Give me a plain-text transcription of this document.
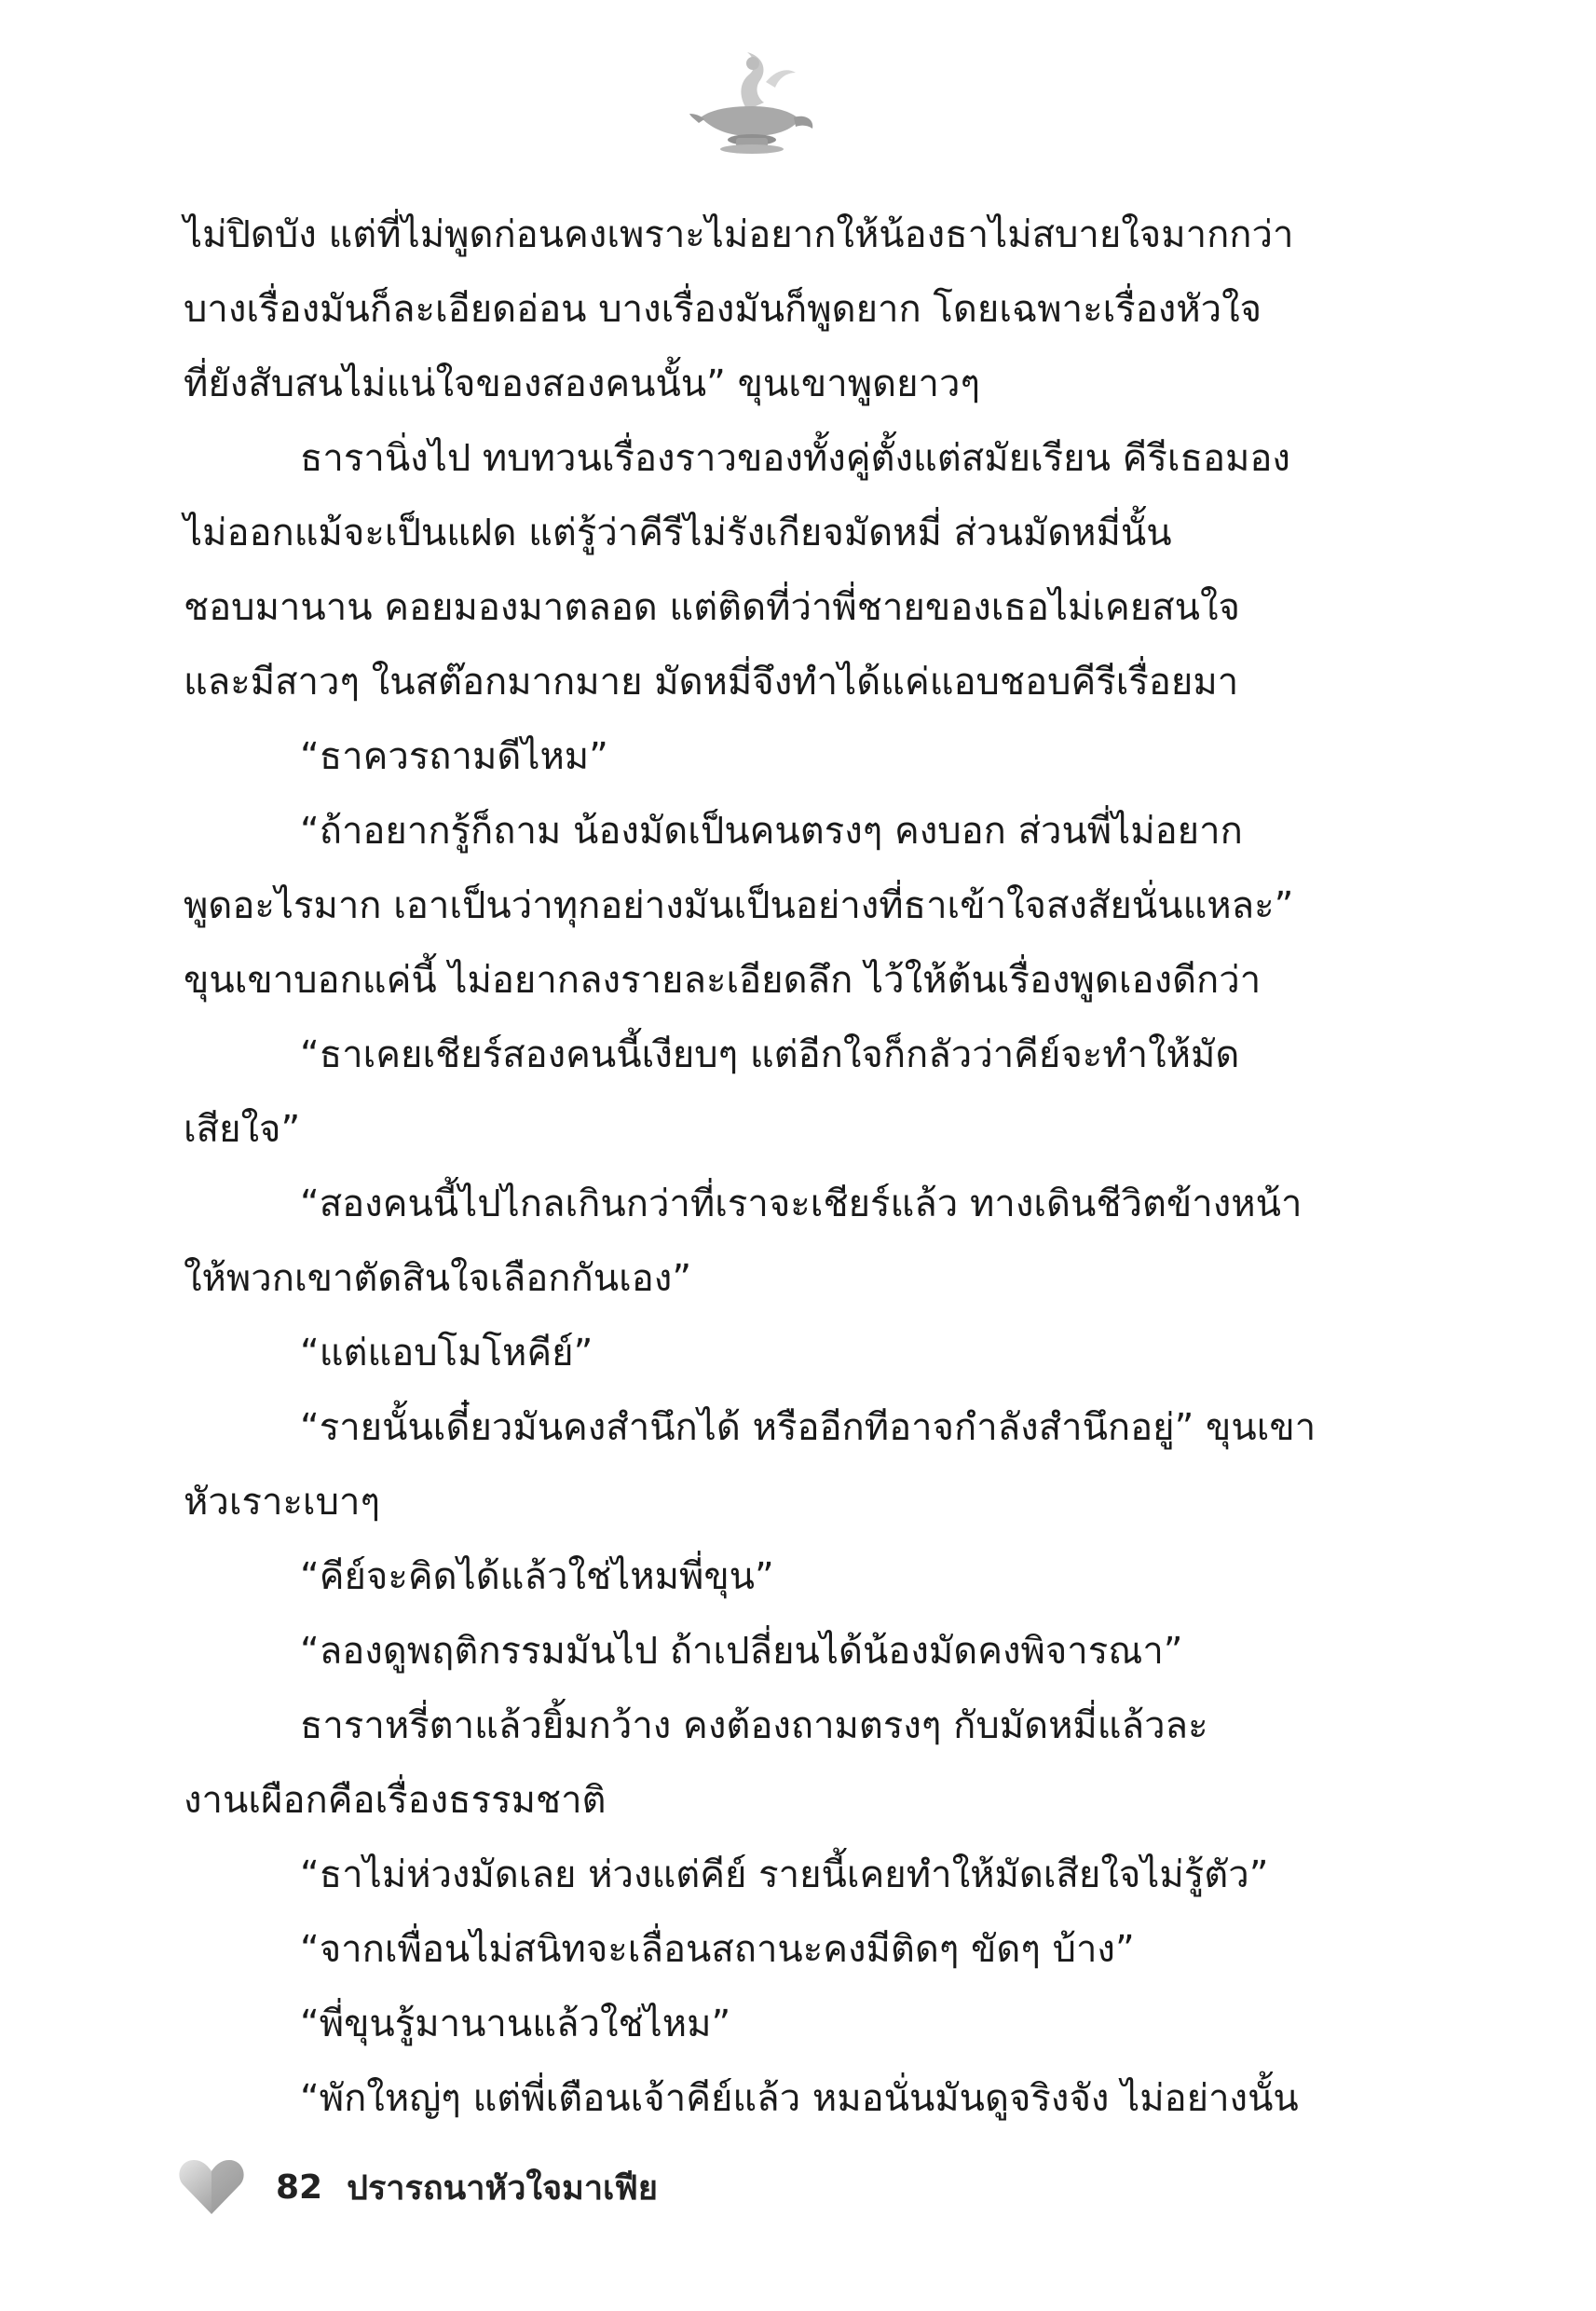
ไม่ปิดบัง แต่ที่ไม่พูดก่อนคงเพราะไม่อยากให้น้องธาไม่สบายใจมากกว่า
บางเรื่องมันก็ละเอียดอ่อน บางเรื่องมันก็พูดยาก โดยเฉพาะเรื่องหัวใจ
ที่ยังสับสนไม่แน่ใจของสองคนนั้น” ขุนเขาพูดยาวๆ
ธารานิ่งไป ทบทวนเรื่องราวของทั้งคู่ตั้งแต่สมัยเรียน คีรีเธอมอง
ไม่ออกแม้จะเป็นแฝด แต่รู้ว่าคีรีไม่รังเกียจมัดหมี่ ส่วนมัดหมี่นั้น
ชอบมานาน คอยมองมาตลอด แต่ติดที่ว่าพี่ชายของเธอไม่เคยสนใจ
และมีสาวๆ ในสต๊อกมากมาย มัดหมี่จึงทำได้แค่แอบชอบคีรีเรื่อยมา
“ธาควรถามดีไหม”
“ถ้าอยากรู้ก็ถาม น้องมัดเป็นคนตรงๆ คงบอก ส่วนพี่ไม่อยาก
พูดอะไรมาก เอาเป็นว่าทุกอย่างมันเป็นอย่างที่ธาเข้าใจสงสัยนั่นแหละ”
ขุนเขาบอกแค่นี้ ไม่อยากลงรายละเอียดลึก ไว้ให้ต้นเรื่องพูดเองดีกว่า
“ธาเคยเชียร์สองคนนี้เงียบๆ แต่อีกใจก็กลัวว่าคีย์จะทำให้มัด
เสียใจ”
“สองคนนี้ไปไกลเกินกว่าที่เราจะเชียร์แล้ว ทางเดินชีวิตข้างหน้า
ให้พวกเขาตัดสินใจเลือกกันเอง”
“แต่แอบโมโหคีย์”
“รายนั้นเดี๋ยวมันคงสำนึกได้ หรืออีกทีอาจกำลังสำนึกอยู่” ขุนเขา
หัวเราะเบาๆ
“คีย์จะคิดได้แล้วใช่ไหมพี่ขุน”
“ลองดูพฤติกรรมมันไป ถ้าเปลี่ยนได้น้องมัดคงพิจารณา”
ธาราหรี่ตาแล้วยิ้มกว้าง คงต้องถามตรงๆ กับมัดหมี่แล้วละ
งานเผือกคือเรื่องธรรมชาติ
“ธาไม่ห่วงมัดเลย ห่วงแต่คีย์ รายนี้เคยทำให้มัดเสียใจไม่รู้ตัว”
“จากเพื่อนไม่สนิทจะเลื่อนสถานะคงมีติดๆ ขัดๆ บ้าง”
“พี่ขุนรู้มานานแล้วใช่ไหม”
“พักใหญ่ๆ แต่พี่เตือนเจ้าคีย์แล้ว หมอนั่นมันดูจริงจัง ไม่อย่างนั้น
82 ปรารถนาหัวใจมาเฟีย
